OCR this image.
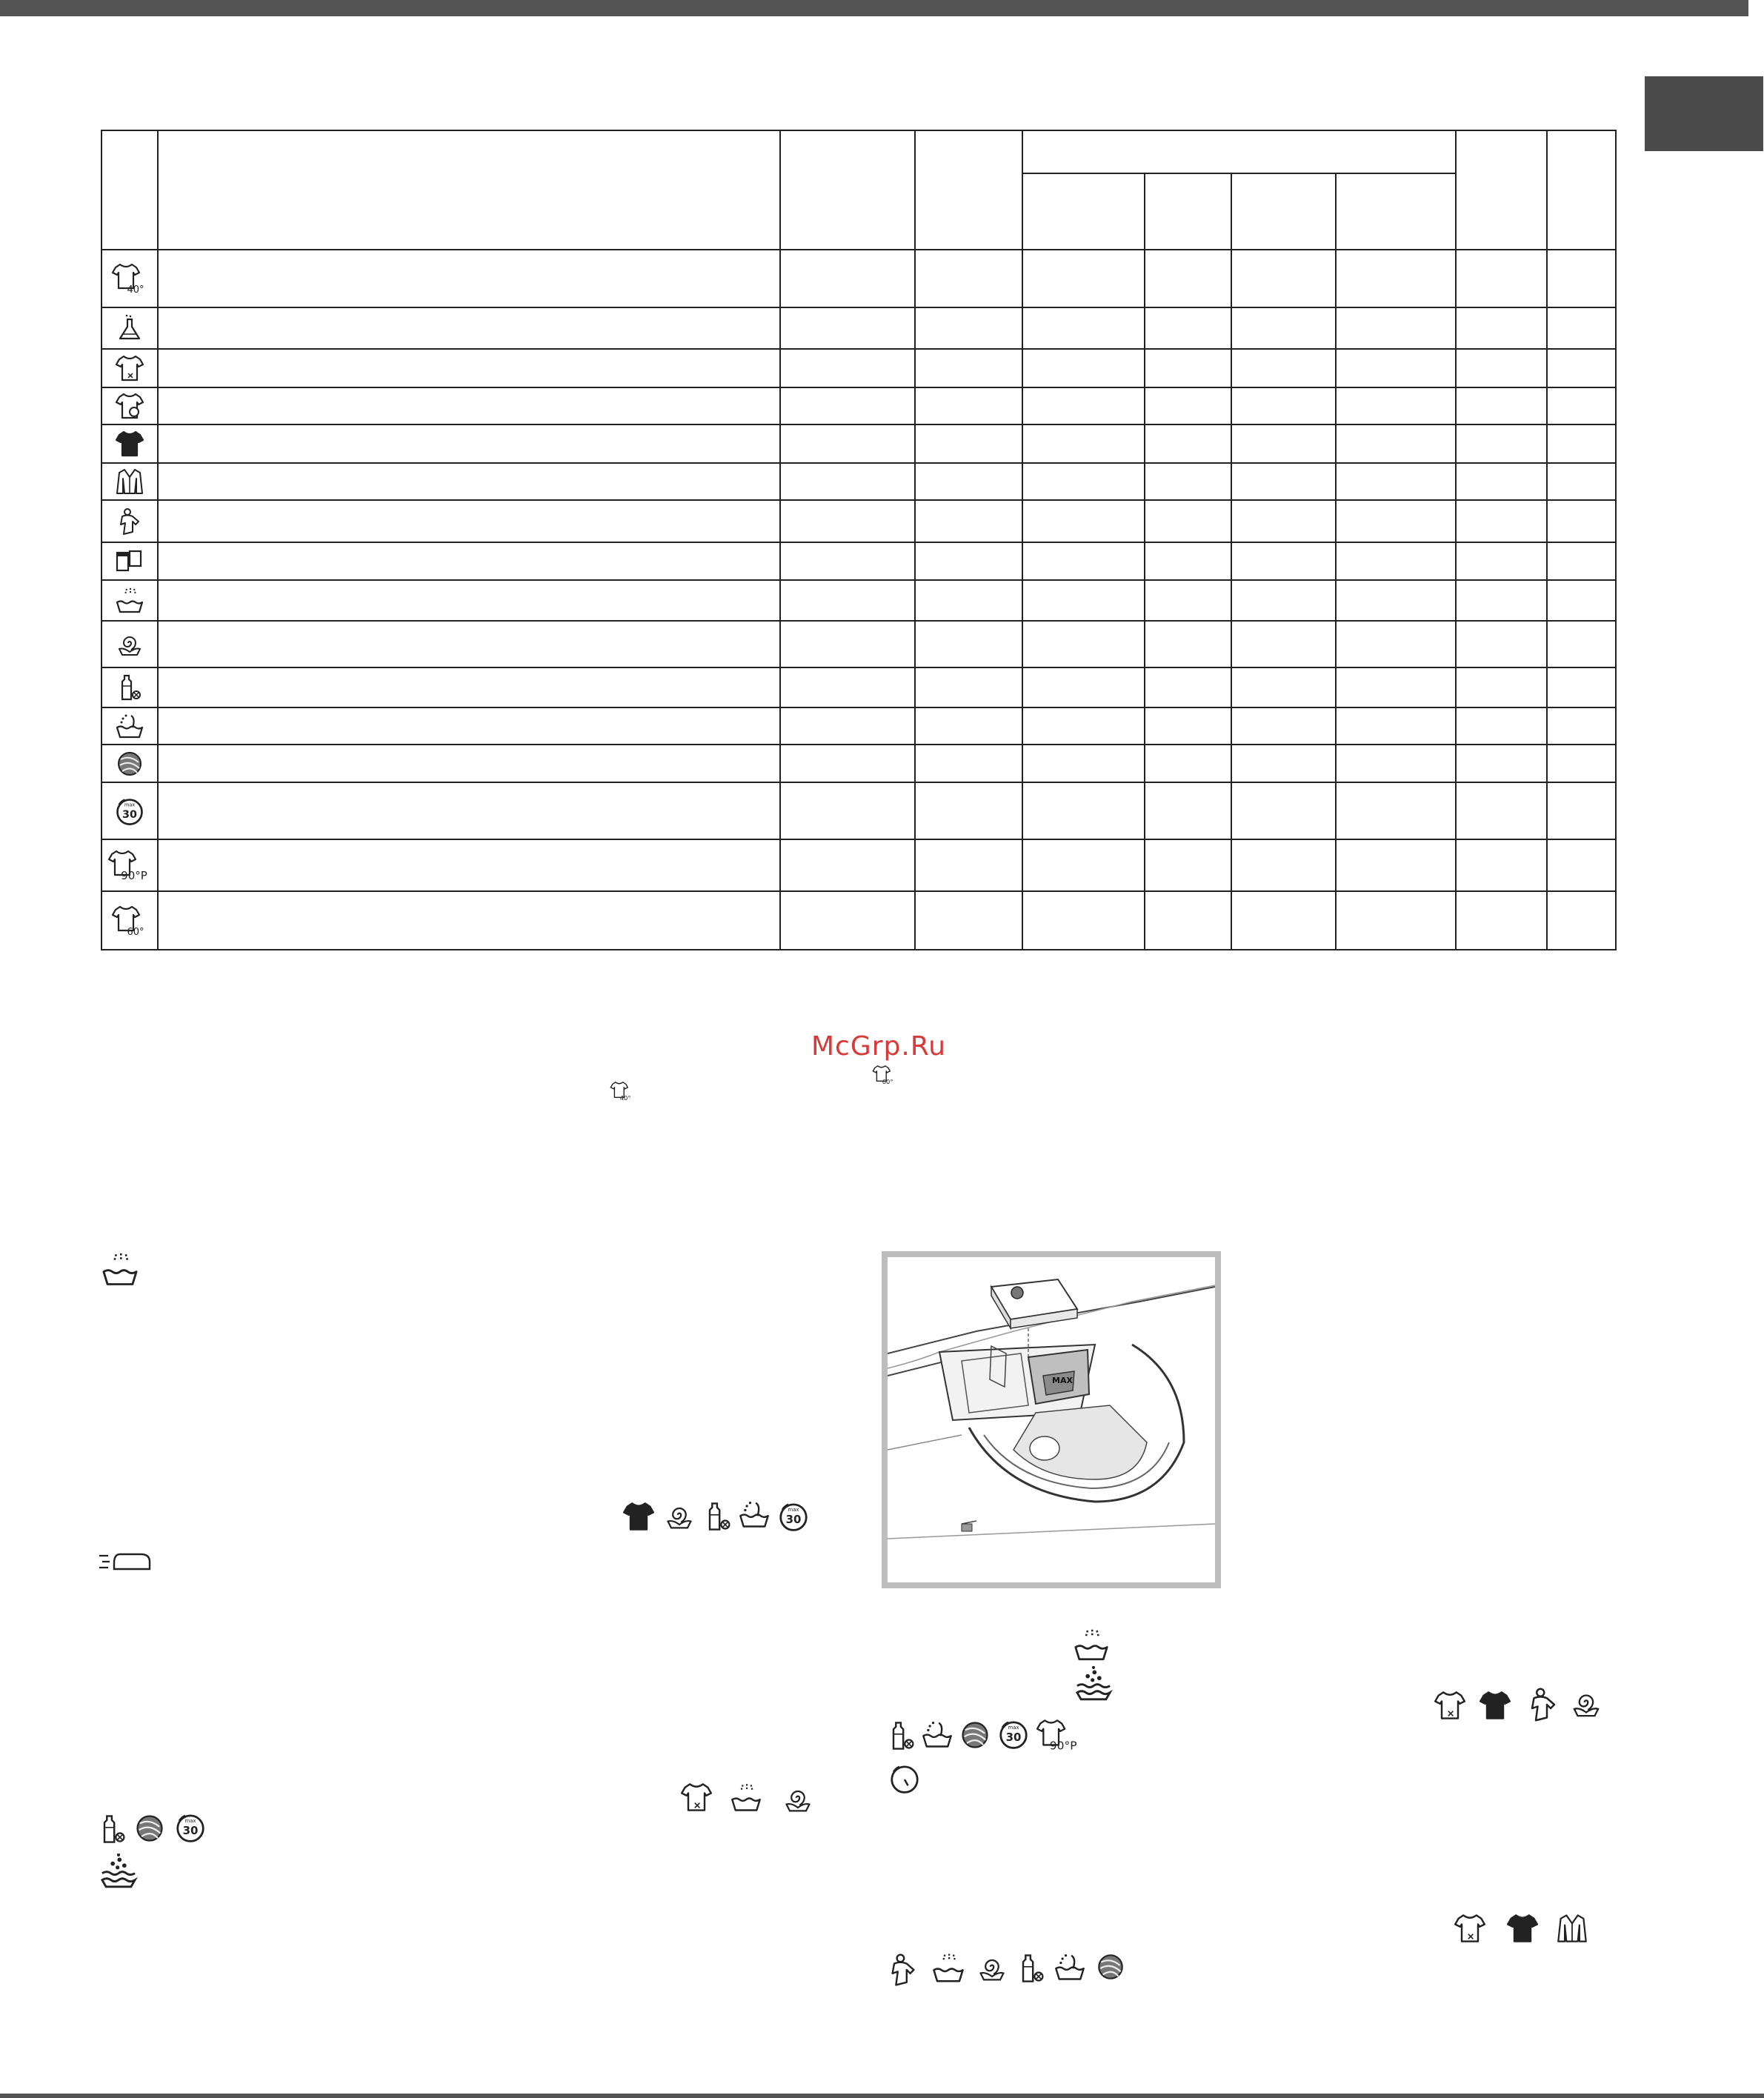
40°									

max
30									

90°P									

60°									

McGrp.Ru
40°
60°
max
30
max
30
MAX
max
30
90°P
